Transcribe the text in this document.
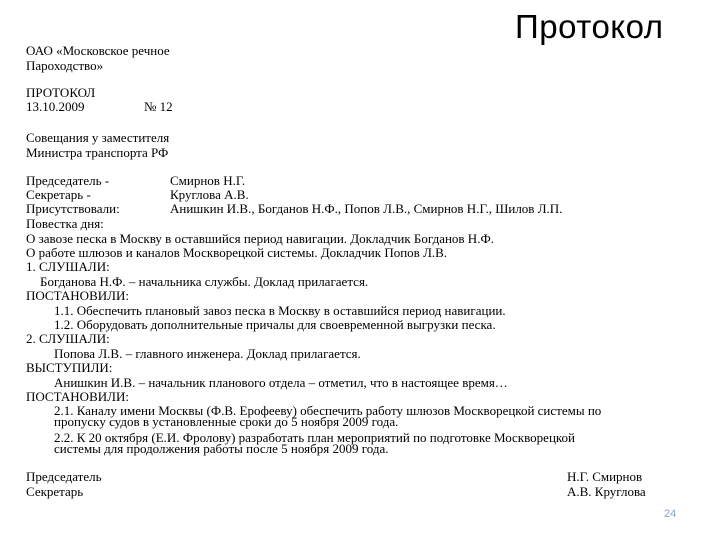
Протокол
ОАО «Московское речное
Пароходство»
ПРОТОКОЛ
13.10.2009	№ 12
Совещания у заместителя
Министра транспорта РФ
Председатель -	Смирнов Н.Г.
Секретарь -	Круглова А.В.
Присутствовали:	Анишкин И.В., Богданов Н.Ф., Попов Л.В., Смирнов Н.Г., Шилов Л.П.
Повестка дня:
О завозе песка в Москву в оставшийся период навигации. Докладчик Богданов Н.Ф.
О работе шлюзов и каналов Москворецкой системы. Докладчик Попов Л.В.
1. СЛУШАЛИ:
Богданова Н.Ф. – начальника службы. Доклад прилагается.
ПОСТАНОВИЛИ:
1.1. Обеспечить плановый завоз песка в Москву в оставшийся период навигации.
1.2. Оборудовать дополнительные причалы для своевременной выгрузки песка.
2. СЛУШАЛИ:
Попова Л.В. – главного инженера. Доклад прилагается.
ВЫСТУПИЛИ:
Анишкин И.В. – начальник планового отдела – отметил, что в настоящее время…
ПОСТАНОВИЛИ:
2.1. Каналу имени Москвы (Ф.В. Ерофееву) обеспечить работу шлюзов Москворецкой системы по
пропуску судов в установленные сроки до 5 ноября 2009 года.
2.2. К 20 октября (Е.И. Фролову) разработать план мероприятий по подготовке Москворецкой
системы для продолжения работы после 5 ноября 2009 года.
Председатель	Н.Г. Смирнов
Секретарь	А.В. Круглова
24
